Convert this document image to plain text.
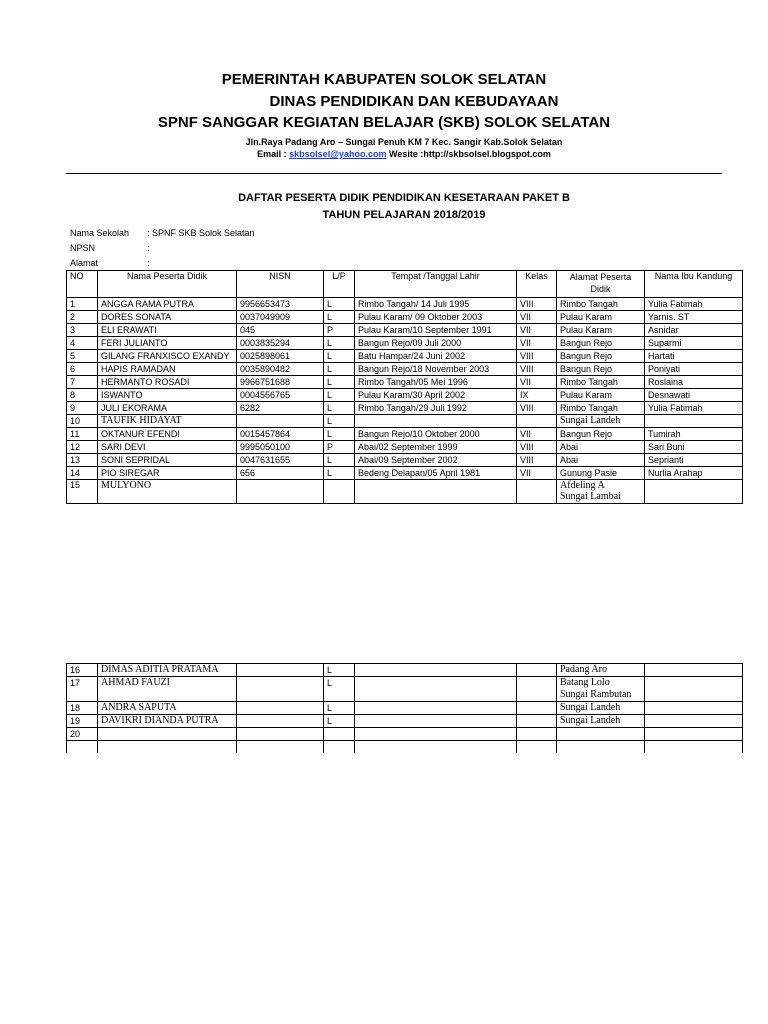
PEMERINTAH KABUPATEN SOLOK SELATAN
DINAS PENDIDIKAN DAN KEBUDAYAAN
SPNF SANGGAR KEGIATAN BELAJAR (SKB) SOLOK SELATAN
Jln.Raya Padang Aro – Sungai Penuh KM 7 Kec. Sangir Kab.Solok Selatan
Email : skbsolsel@yahoo.com Wesite :http://skbsolsel.blogspot.com
DAFTAR PESERTA DIDIK PENDIDIKAN KESETARAAN PAKET B
TAHUN PELAJARAN 2018/2019
Nama Sekolah : SPNF SKB Solok Selatan
NPSN	:
Alamat	:
NO	Nama Peserta Didik	NISN	L/P	Tempat /Tanggal Lahir	Kelas	Alamat Peserta Didik	Nama Ibu Kandung
1	ANGGA RAMA PUTRA	9956653473	L	Rimbo Tangah/ 14 Juli 1995	VIII	Rimbo Tangah	Yulia Fatimah
2	DORES SONATA	0037049909	L	Pulau Karam/ 09 Oktober 2003	VII	Pulau Karam	Yarnis. ST
3	ELI ERAWATI	045	P	Pulau Karam/10 September 1991	VII	Pulau Karam	Asnidar
4	FERI JULIANTO	0003835294	L	Bangun Rejo/09 Juli 2000	VII	Bangun Rejo	Suparmi
5	GILANG FRANXISCO EXANDY	0025898061	L	Batu Hampar/24 Juni 2002	VIII	Bangun Rejo	Hartati
6	HAPIS RAMADAN	0035890482	L	Bangun Rejo/18 November 2003	VIII	Bangun Rejo	Poniyati
7	HERMANTO ROSADI	9966751688	L	Rimbo Tangah/05 Mei 1996	VII	Rimbo Tangah	Roslaina
8	ISWANTO	0004556765	L	Pulau Karam/30 April 2002	IX	Pulau Karam	Desnawati
9	JULI EKORAMA	6282	L	Rimbo Tangah/29 Juli 1992	VIII	Rimbo Tangah	Yulia Fatimah
10	TAUFIK HIDAYAT		L			Sungai Landeh	
11	OKTANUR EFENDI	0015457864	L	Bangun Rejo/10 Oktober 2000	VII	Bangun Rejo	Tumirah
12	SARI DEVI	9995050100	P	Abai/02 September 1999	VIII	Abai	Sari Buni
13	SONI SEPRIDAL	0047631655	L	Abai/09 September 2002	VIII	Abai	Seprianti
14	PIO SIREGAR	656	L	Bedeng Delapan/05 April 1981	VII	Gunung Pasie	Nurlia Arahap
15	MULYONO					Afdeling A
Sungai Lambai	

16	DIMAS ADITIA PRATAMA		L			Padang Aro	

17	AHMAD FAUZI		L			Batang Lolo
Sungai Rambutan	

18	ANDRA SAPUTA		L			Sungai Landeh	

19	DAVIKRI DIANDA PUTRA		L			Sungai Landeh	

20						
